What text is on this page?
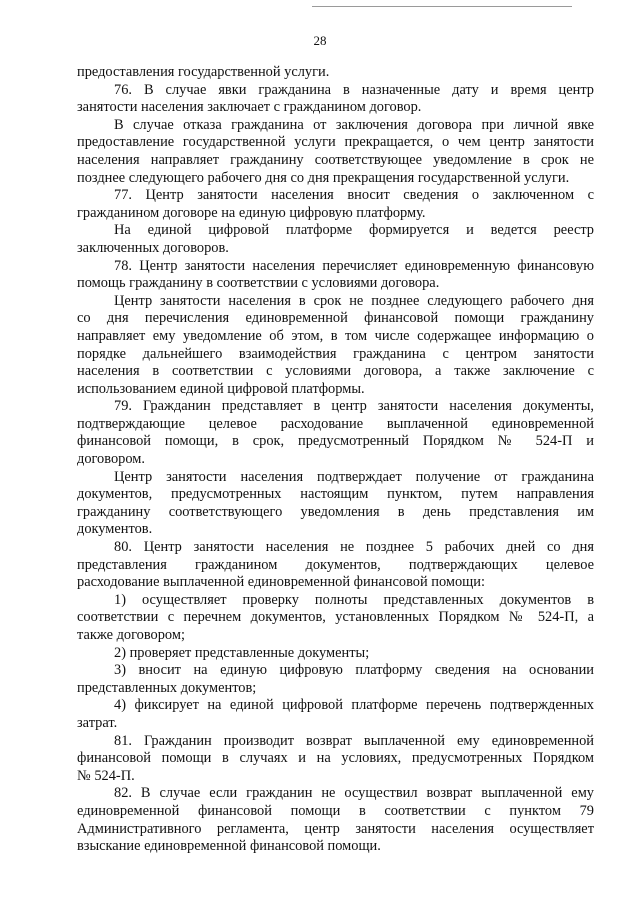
28
предоставления государственной услуги.
76. В случае явки гражданина в назначенные дату и время центр
занятости населения заключает с гражданином договор.
В случае отказа гражданина от заключения договора при личной явке
предоставление государственной услуги прекращается, о чем центр занятости
населения направляет гражданину соответствующее уведомление в срок не
позднее следующего рабочего дня со дня прекращения государственной услуги.
77. Центр занятости населения вносит сведения о заключенном с
гражданином договоре на единую цифровую платформу.
На единой цифровой платформе формируется и ведется реестр
заключенных договоров.
78. Центр занятости населения перечисляет единовременную финансовую
помощь гражданину в соответствии с условиями договора.
Центр занятости населения в срок не позднее следующего рабочего дня
со дня перечисления единовременной финансовой помощи гражданину
направляет ему уведомление об этом, в том числе содержащее информацию о
порядке дальнейшего взаимодействия гражданина с центром занятости
населения в соответствии с условиями договора, а также заключение с
использованием единой цифровой платформы.
79. Гражданин представляет в центр занятости населения документы,
подтверждающие целевое расходование выплаченной единовременной
финансовой помощи, в срок, предусмотренный Порядком № 524-П и
договором.
Центр занятости населения подтверждает получение от гражданина
документов, предусмотренных настоящим пунктом, путем направления
гражданину соответствующего уведомления в день представления им
документов.
80. Центр занятости населения не позднее 5 рабочих дней со дня
представления гражданином документов, подтверждающих целевое
расходование выплаченной единовременной финансовой помощи:
1) осуществляет проверку полноты представленных документов в
соответствии с перечнем документов, установленных Порядком № 524-П, а
также договором;
2) проверяет представленные документы;
3) вносит на единую цифровую платформу сведения на основании
представленных документов;
4) фиксирует на единой цифровой платформе перечень подтвержденных
затрат.
81. Гражданин производит возврат выплаченной ему единовременной
финансовой помощи в случаях и на условиях, предусмотренных Порядком
№ 524-П.
82. В случае если гражданин не осуществил возврат выплаченной ему
единовременной финансовой помощи в соответствии с пунктом 79
Административного регламента, центр занятости населения осуществляет
взыскание единовременной финансовой помощи.
